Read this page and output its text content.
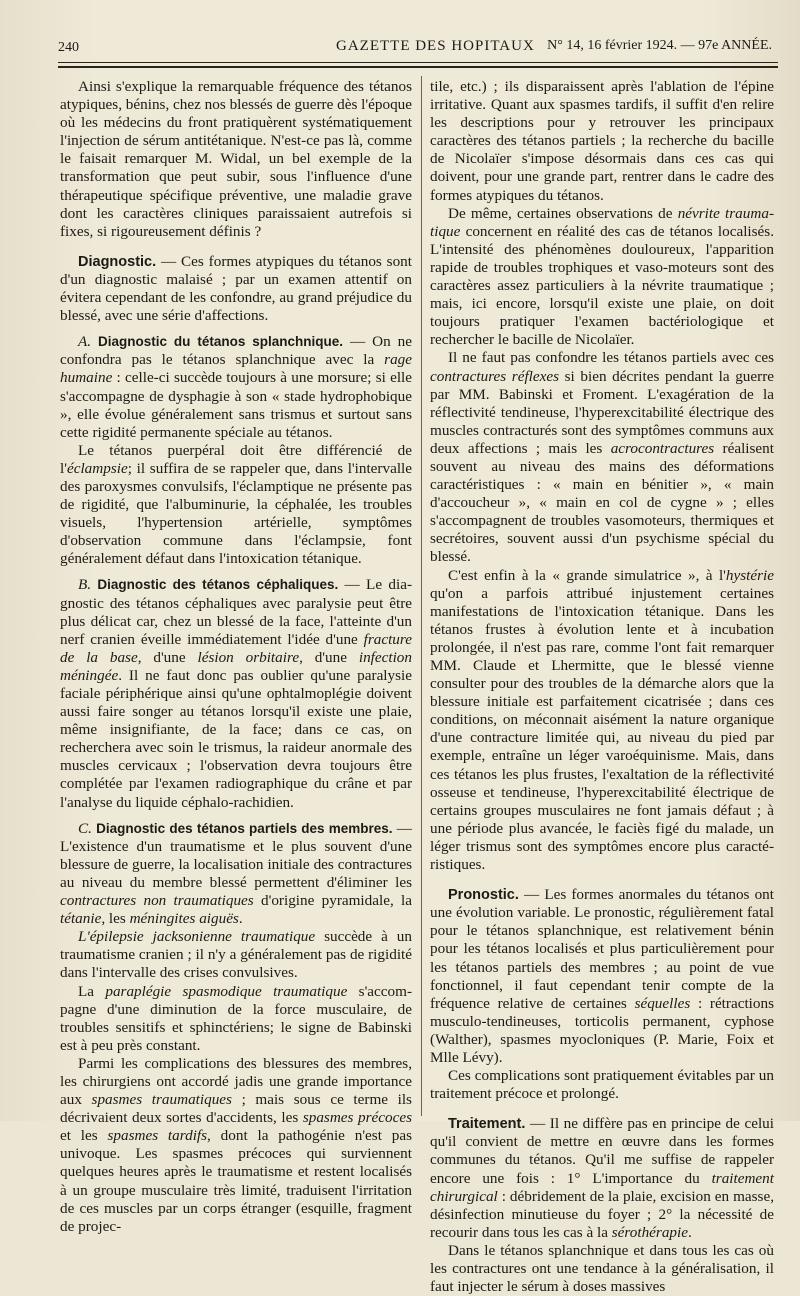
240	GAZETTE DES HOPITAUX N° 14, 16 février 1924. — 97e ANNÉE.

Ainsi s'explique la remarquable fréquence des tétanos atypiques, bénins, chez nos blessés de guerre dès l'époque où les médecins du front pratiquèrent systématiquement l'injection de sérum antitétanique. N'est-ce pas là, comme le faisait remarquer M. Widal, un bel exemple de la transformation que peut subir, sous l'influence d'une thérapeutique spécifique préventive, une maladie grave dont les caractères cliniques paraissaient autrefois si fixes, si rigoureusement définis ?

Diagnostic. — Ces formes atypiques du tétanos sont d'un diagnostic malaisé ; par un examen attentif on évitera cependant de les confondre, au grand préjudice du blessé, avec une série d'affections.

A. Diagnostic du tétanos splanchnique. — On ne confondra pas le tétanos splanchnique avec la rage humaine : celle-ci succède toujours à une morsure; si elle s'accompagne de dysphagie à son « stade hydrophobique », elle évolue généralement sans trismus et surtout sans cette rigidité permanente spéciale au tétanos.

Le tétanos puerpéral doit être différencié de l'éclampsie; il suffira de se rappeler que, dans l'intervalle des paroxysmes convulsifs, l'éclamptique ne présente pas de rigidité, que l'albuminurie, la céphalée, les troubles visuels, l'hypertension artérielle, symptômes d'observation commune dans l'éclampsie, font généralement défaut dans l'intoxication tétanique.

B. Diagnostic des tétanos céphaliques. — Le diagnostic des tétanos céphaliques avec paralysie peut être plus délicat car, chez un blessé de la face, l'atteinte d'un nerf cranien éveille immédiatement l'idée d'une fracture de la base, d'une lésion orbitaire, d'une infection méningée. Il ne faut donc pas oublier qu'une paralysie faciale périphérique ainsi qu'une ophtalmoplégie doivent aussi faire songer au tétanos lorsqu'il existe une plaie, même insignifiante, de la face; dans ce cas, on recherchera avec soin le trismus, la raideur anormale des muscles cervicaux ; l'observation devra toujours être complétée par l'examen radiographique du crâne et par l'analyse du liquide céphalo-rachidien.

C. Diagnostic des tétanos partiels des membres. — L'existence d'un traumatisme et le plus souvent d'une blessure de guerre, la localisation initiale des contractures au niveau du membre blessé permettent d'éliminer les contractures non traumatiques d'origine pyramidale, la tétanie, les méningites aiguës.

L'épilepsie jacksonienne traumatique succède à un traumatisme cranien ; il n'y a généralement pas de rigidité dans l'intervalle des crises convulsives.

La paraplégie spasmodique traumatique s'accompagne d'une diminution de la force musculaire, de troubles sensitifs et sphinctériens; le signe de Babinski est à peu près constant.

Parmi les complications des blessures des membres, les chirurgiens ont accordé jadis une grande importance aux spasmes traumatiques ; mais sous ce terme ils décrivaient deux sortes d'accidents, les spasmes précoces et les spasmes tardifs, dont la pathogénie n'est pas univoque. Les spasmes précoces qui surviennent quelques heures après le traumatisme et restent localisés à un groupe musculaire très limité, traduisent l'irritation de ces muscles par un corps étranger (esquille, fragment de projec-

tile, etc.) ; ils disparaissent après l'ablation de l'épine irritative. Quant aux spasmes tardifs, il suffit d'en relire les descriptions pour y retrouver les principaux caractères des tétanos partiels ; la recherche du bacille de Nicolaïer s'impose désormais dans ces cas qui doivent, pour une grande part, rentrer dans le cadre des formes atypiques du tétanos.

De même, certaines observations de névrite traumatique concernent en réalité des cas de tétanos localisés. L'intensité des phénomènes douloureux, l'apparition rapide de troubles trophiques et vaso-moteurs sont des caractères assez particuliers à la névrite traumatique ; mais, ici encore, lorsqu'il existe une plaie, on doit toujours pratiquer l'examen bactériologique et rechercher le bacille de Nicolaïer.

Il ne faut pas confondre les tétanos partiels avec ces contractures réflexes si bien décrites pendant la guerre par MM. Babinski et Froment. L'exagération de la réflectivité tendineuse, l'hyperexcitabilité électrique des muscles contracturés sont des symptômes communs aux deux affections ; mais les acrocontractures réalisent souvent au niveau des mains des déformations caractéristiques : « main en bénitier », « main d'accoucheur », « main en col de cygne » ; elles s'accompagnent de troubles vasomoteurs, thermiques et secrétoires, souvent aussi d'un psychisme spécial du blessé.

C'est enfin à la « grande simulatrice », à l'hystérie qu'on a parfois attribué injustement certaines manifestations de l'intoxication tétanique. Dans les tétanos frustes à évolution lente et à incubation prolongée, il n'est pas rare, comme l'ont fait remarquer MM. Claude et Lhermitte, que le blessé vienne consulter pour des troubles de la démarche alors que la blessure initiale est parfaitement cicatrisée ; dans ces conditions, on méconnait aisément la nature organique d'une contracture limitée qui, au niveau du pied par exemple, entraîne un léger varoéquinisme. Mais, dans ces tétanos les plus frustes, l'exaltation de la réflectivité osseuse et tendineuse, l'hyperexcitabilité électrique de certains groupes musculaires ne font jamais défaut ; à une période plus avancée, le faciès figé du malade, un léger trismus sont des symptômes encore plus caractéristiques.

Pronostic. — Les formes anormales du tétanos ont une évolution variable. Le pronostic, régulièrement fatal pour le tétanos splanchnique, est relativement bénin pour les tétanos localisés et plus particulièrement pour les tétanos partiels des membres ; au point de vue fonctionnel, il faut cependant tenir compte de la fréquence relative de certaines séquelles : rétractions musculo-tendineuses, torticolis permanent, cyphose (Walther), spasmes myocloniques (P. Marie, Foix et Mlle Lévy).

Ces complications sont pratiquement évitables par un traitement précoce et prolongé.

Traitement. — Il ne diffère pas en principe de celui qu'il convient de mettre en œuvre dans les formes communes du tétanos. Qu'il me suffise de rappeler encore une fois : 1° L'importance du traitement chirurgical : débridement de la plaie, excision en masse, désinfection minutieuse du foyer ; 2° la nécessité de recourir dans tous les cas à la sérothérapie.

Dans le tétanos splanchnique et dans tous les cas où les contractures ont une tendance à la généralisation, il faut injecter le sérum à doses massives
